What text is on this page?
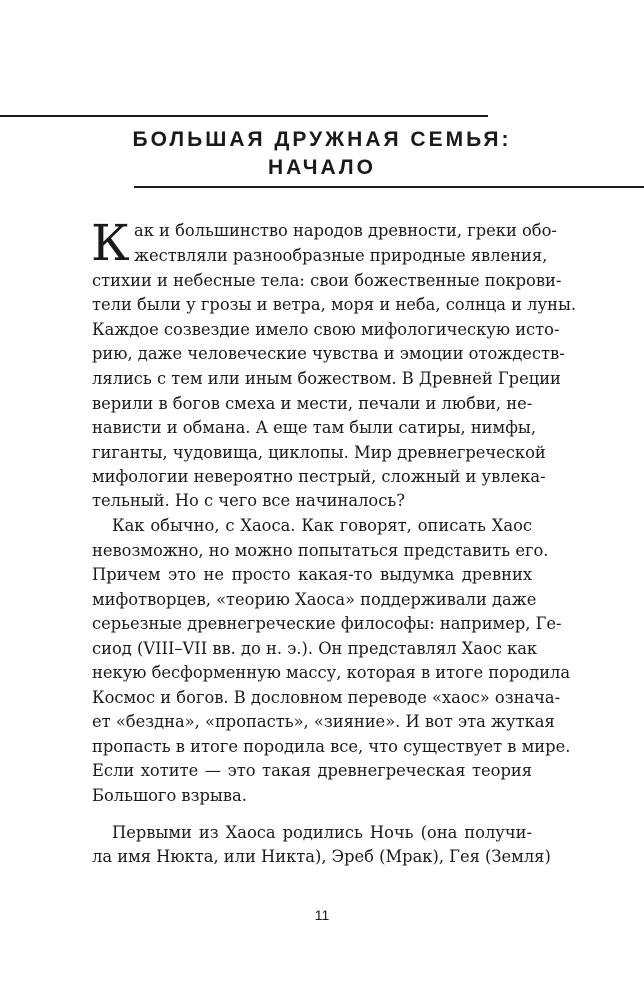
БОЛЬШАЯ ДРУЖНАЯ СЕМЬЯ:
НАЧАЛО
К ак и большинство народов древности, греки обо-
жествляли разнообразные природные явления,
стихии и небесные тела: свои божественные покрови-
тели были у грозы и ветра, моря и неба, солнца и луны.
Каждое созвездие имело свою мифологическую исто-
рию, даже человеческие чувства и эмоции отождеств-
лялись с тем или иным божеством. В Древней Греции
верили в богов смеха и мести, печали и любви, не-
нависти и обмана. А еще там были сатиры, нимфы,
гиганты, чудовища, циклопы. Мир древнегреческой
мифологии невероятно пестрый, сложный и увлека-
тельный. Но с чего все начиналось?
Как обычно, с Хаоса. Как говорят, описать Хаос
невозможно, но можно попытаться представить его.
Причем это не просто какая-то выдумка древних
мифотворцев, «теорию Хаоса» поддерживали даже
серьезные древнегреческие философы: например, Ге-
сиод (VIII–VII вв. до н. э.). Он представлял Хаос как
некую бесформенную массу, которая в итоге породила
Космос и богов. В дословном переводе «хаос» означа-
ет «бездна», «пропасть», «зияние». И вот эта жуткая
пропасть в итоге породила все, что существует в мире.
Если хотите — это такая древнегреческая теория
Большого взрыва.
Первыми из Хаоса родились Ночь (она получи-
ла имя Нюкта, или Никта), Эреб (Мрак), Гея (Земля)
11
